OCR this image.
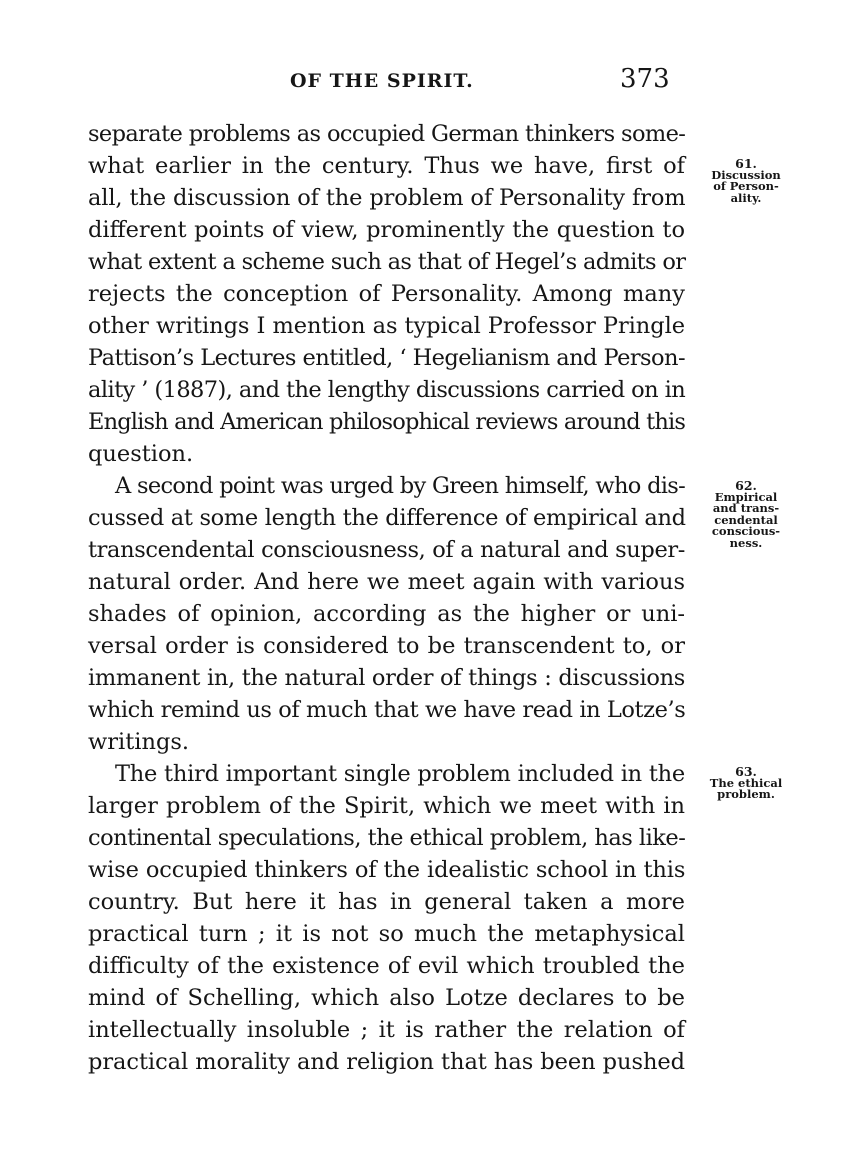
OF THE SPIRIT.	373
separate problems as occupied German thinkers some-
what earlier in the century. Thus we have, first of
all, the discussion of the problem of Personality from
different points of view, prominently the question to
what extent a scheme such as that of Hegel’s admits or
rejects the conception of Personality. Among many
other writings I mention as typical Professor Pringle
Pattison’s Lectures entitled, ‘ Hegelianism and Person-
ality ’ (1887), and the lengthy discussions carried on in
English and American philosophical reviews around this
question.
A second point was urged by Green himself, who dis-
cussed at some length the difference of empirical and
transcendental consciousness, of a natural and super-
natural order. And here we meet again with various
shades of opinion, according as the higher or uni-
versal order is considered to be transcendent to, or
immanent in, the natural order of things : discussions
which remind us of much that we have read in Lotze’s
writings.
The third important single problem included in the
larger problem of the Spirit, which we meet with in
continental speculations, the ethical problem, has like-
wise occupied thinkers of the idealistic school in this
country. But here it has in general taken a more
practical turn ; it is not so much the metaphysical
difficulty of the existence of evil which troubled the
mind of Schelling, which also Lotze declares to be
intellectually insoluble ; it is rather the relation of
practical morality and religion that has been pushed
61.
Discussion
of Person-
ality.
62.
Empirical
and trans-
cendental
conscious-
ness.
63.
The ethical
problem.
